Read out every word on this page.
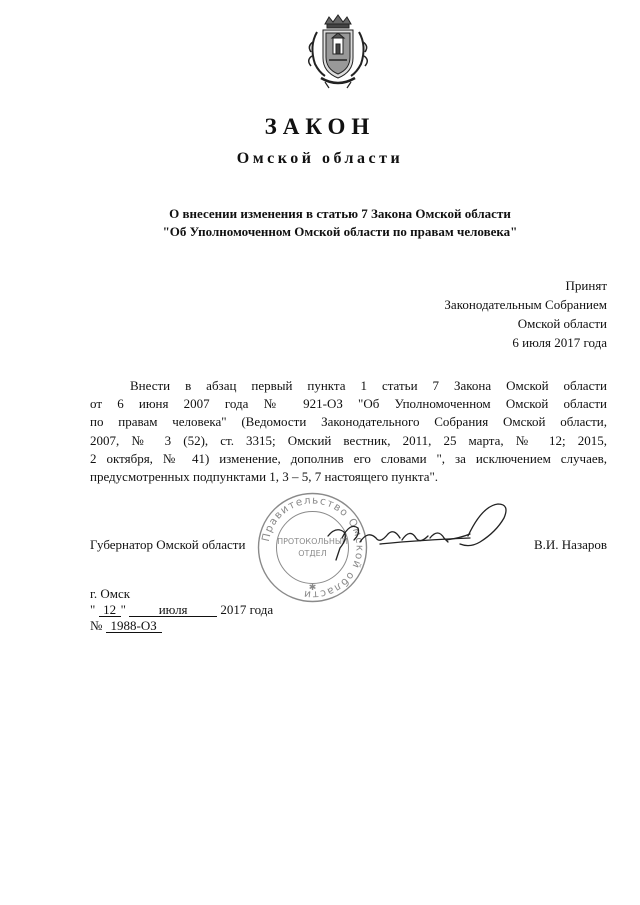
ЗАКОН
Омской области
О внесении изменения в статью 7 Закона Омской области
"Об Уполномоченном Омской области по правам человека"
Принят
Законодательным Собранием
Омской области
6 июля 2017 года

Внести в абзац первый пункта 1 статьи 7 Закона Омской области
от 6 июня 2007 года № 921-ОЗ "Об Уполномоченном Омской области
по правам человека" (Ведомости Законодательного Собрания Омской области,
2007, № 3 (52), ст. 3315; Омский вестник, 2011, 25 марта, № 12; 2015,
2 октября, № 41) изменение, дополнив его словами ", за исключением случаев,
предусмотренных подпунктами 1, 3 – 5, 7 настоящего пункта".

Губернатор Омской области	В.И. Назаров
Правительство Омской области
ПРОТОКОЛЬНЫЙ
ОТДЕЛ
✱
г. Омск
" 12 "	июля	2017 года
№ 1988-ОЗ
